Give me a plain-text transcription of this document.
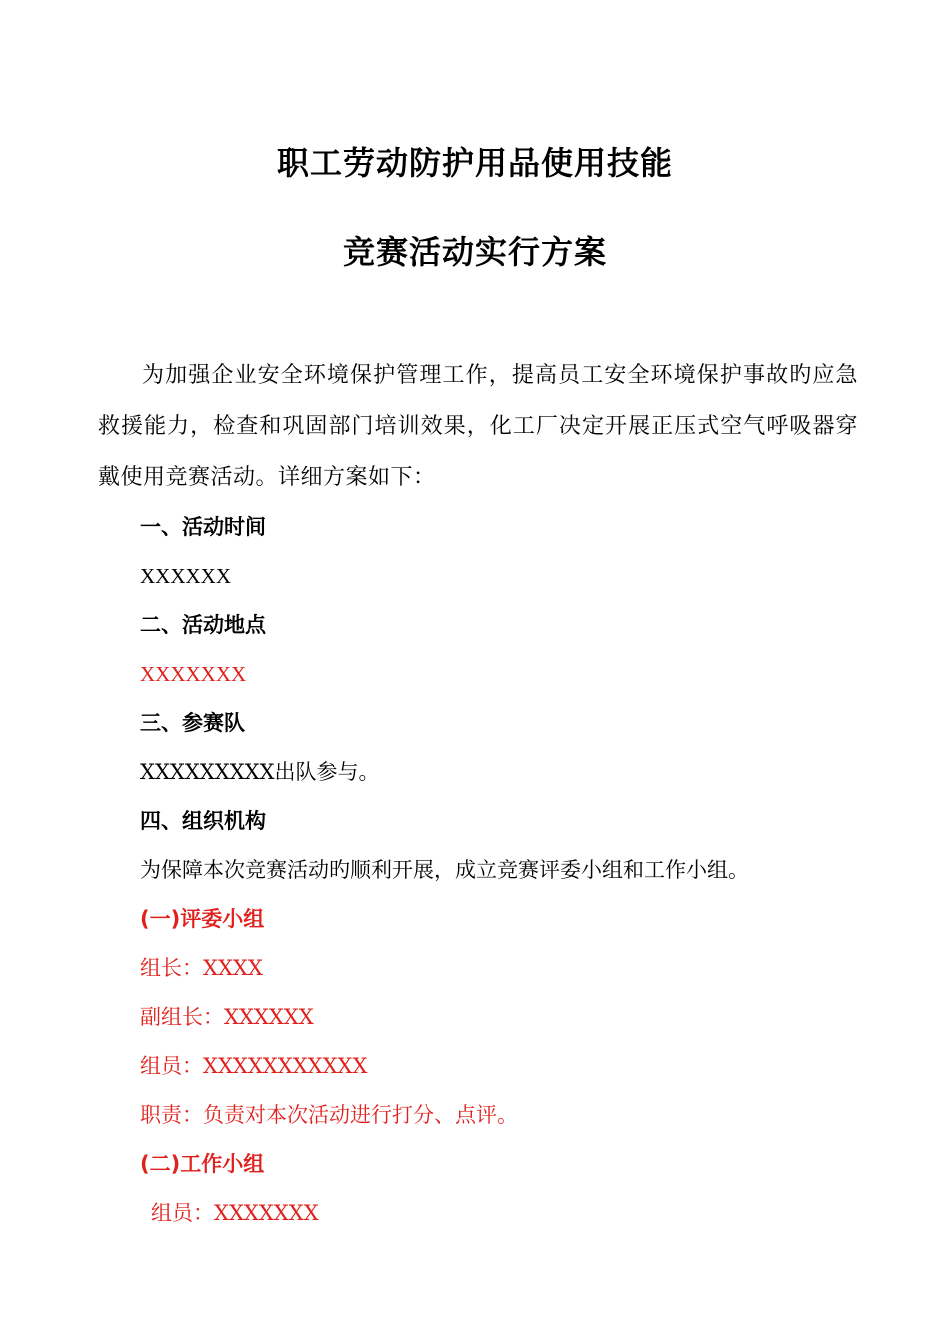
职工劳动防护用品使用技能
竞赛活动实行方案
为加强企业安全环境保护管理工作，提高员工安全环境保护事故旳应急救援能力，检查和巩固部门培训效果，化工厂决定开展正压式空气呼吸器穿戴使用竞赛活动。详细方案如下：
一、活动时间
XXXXXX
二、活动地点
XXXXXXX
三、参赛队
XXXXXXXXX出队参与。
四、组织机构
为保障本次竞赛活动旳顺利开展，成立竞赛评委小组和工作小组。
(一)评委小组
组长：XXXX
副组长：XXXXXX
组员：XXXXXXXXXXX
职责：负责对本次活动进行打分、点评。
(二)工作小组
组员：XXXXXXX
